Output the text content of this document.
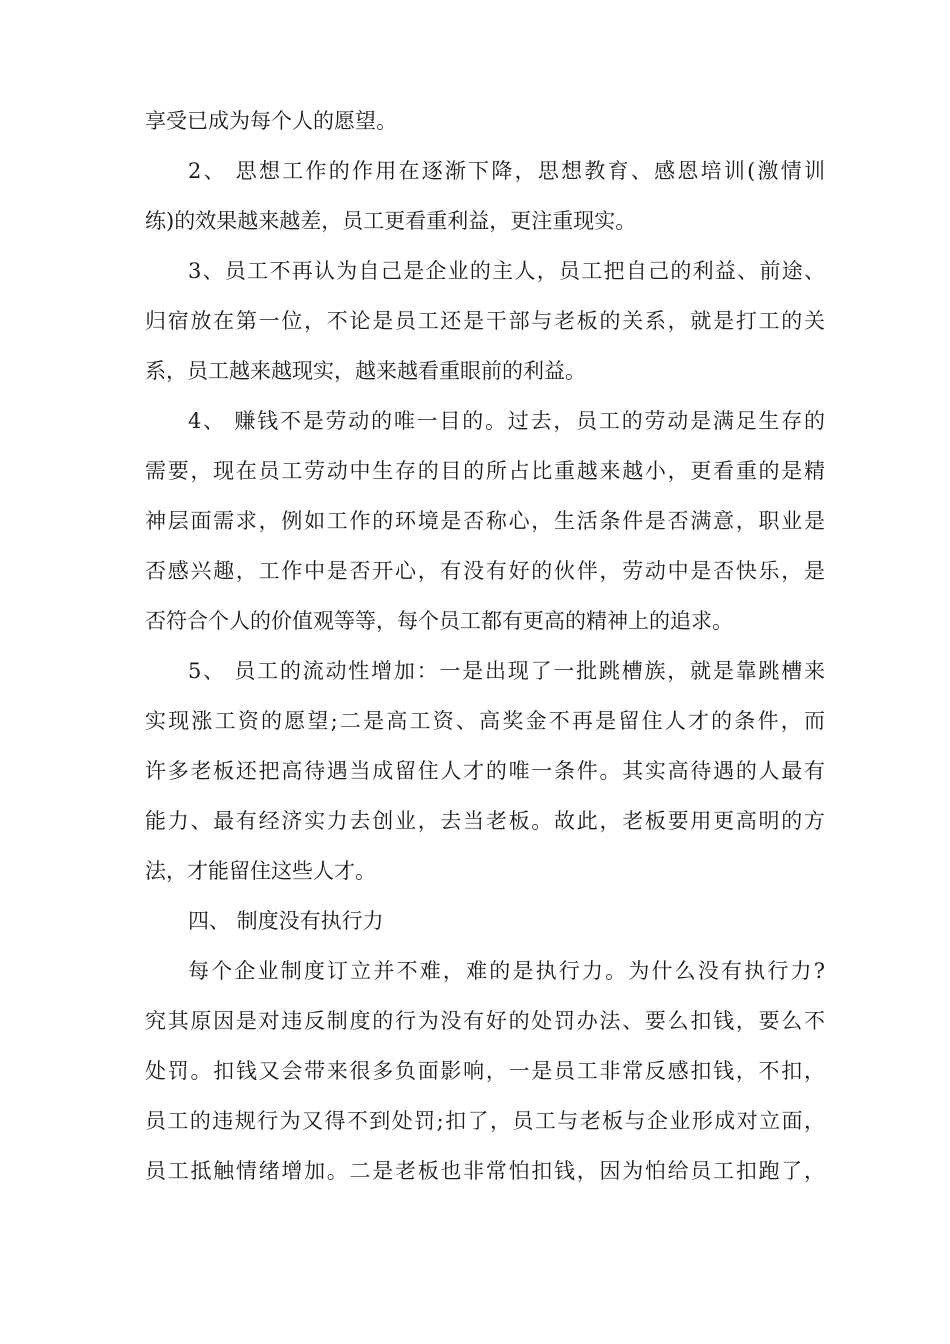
享受已成为每个人的愿望。
2、 思想工作的作用在逐渐下降，思想教育、感恩培训(激情训
练)的效果越来越差，员工更看重利益，更注重现实。
3、员工不再认为自己是企业的主人，员工把自己的利益、前途、
归宿放在第一位，不论是员工还是干部与老板的关系，就是打工的关
系，员工越来越现实，越来越看重眼前的利益。
4、 赚钱不是劳动的唯一目的。过去，员工的劳动是满足生存的
需要，现在员工劳动中生存的目的所占比重越来越小，更看重的是精
神层面需求，例如工作的环境是否称心，生活条件是否满意，职业是
否感兴趣，工作中是否开心，有没有好的伙伴，劳动中是否快乐，是
否符合个人的价值观等等，每个员工都有更高的精神上的追求。
5、 员工的流动性增加：一是出现了一批跳槽族，就是靠跳槽来
实现涨工资的愿望;二是高工资、高奖金不再是留住人才的条件，而
许多老板还把高待遇当成留住人才的唯一条件。其实高待遇的人最有
能力、最有经济实力去创业，去当老板。故此，老板要用更高明的方
法，才能留住这些人才。
四、 制度没有执行力
每个企业制度订立并不难，难的是执行力。为什么没有执行力?
究其原因是对违反制度的行为没有好的处罚办法、要么扣钱，要么不
处罚。扣钱又会带来很多负面影响，一是员工非常反感扣钱，不扣，
员工的违规行为又得不到处罚;扣了，员工与老板与企业形成对立面，
员工抵触情绪增加。二是老板也非常怕扣钱，因为怕给员工扣跑了，
